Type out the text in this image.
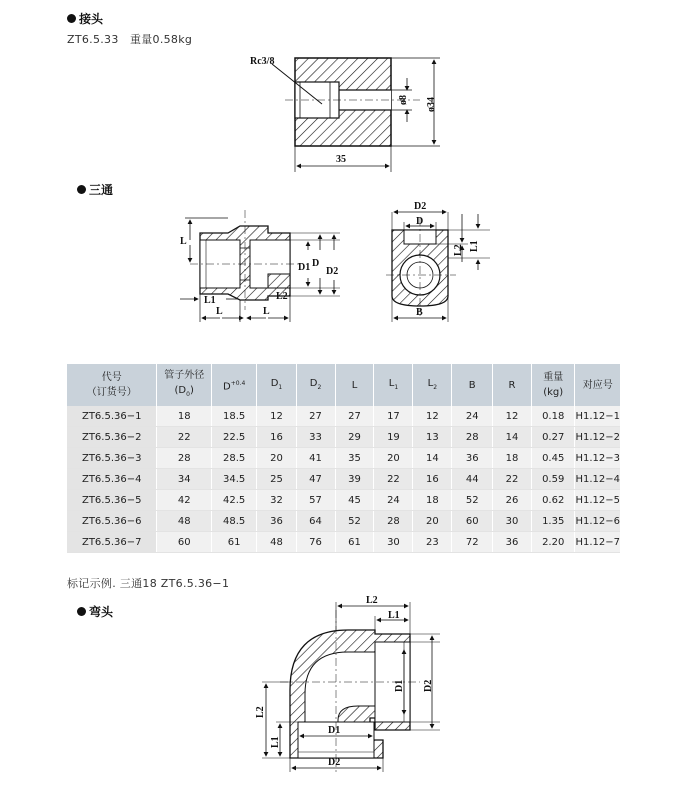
接头
ZT6.5.33　重量0.58kg
Rc3/8
ø8 ø34
35
L
L1
L	L
L2
D1 D
D2
D2
D
L2 L1
B
三通
代号
（订货号）	管子外径
$(D_0)$	$D^{+0.4}$	$D_1$	$D_2$	L	$L_1$	$L_2$	B	R	重量
(kg)	对应号
ZT6.5.36−1	18	18.5	12	27	27	17	12	24	12	0.18	H1.12−1
ZT6.5.36−2	22	22.5	16	33	29	19	13	28	14	0.27	H1.12−2
ZT6.5.36−3	28	28.5	20	41	35	20	14	36	18	0.45	H1.12−3
ZT6.5.36−4	34	34.5	25	47	39	22	16	44	22	0.59	H1.12−4
ZT6.5.36−5	42	42.5	32	57	45	24	18	52	26	0.62	H1.12−5
ZT6.5.36−6	48	48.5	36	64	52	28	20	60	30	1.35	H1.12−6
ZT6.5.36−7	60	61	48	76	61	30	23	72	36	2.20	H1.12−7
标记示例. 三通18 ZT6.5.36−1
弯头
L2
L1
D1 D2
L2
L1
D1
D2
